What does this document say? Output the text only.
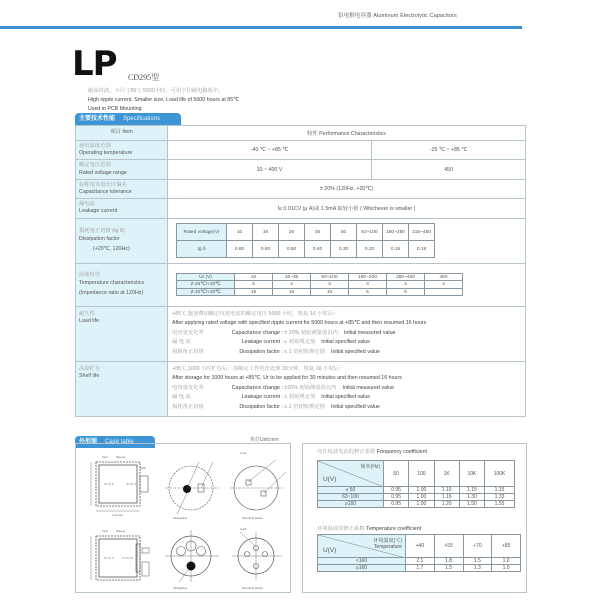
铝电解电容器 Aluminum Electrolytic Capacitors
LP CD295型
耐高纹波，小尺寸85℃ 5000小时，可用于印刷电路板中。
High ripple current, Smaller size, Load life of 5000 hours at 85℃
Used in PCB Mounting
主要技术性能 Specifications
项目 Item	特性 Performance Characteristics

使用温度范围
Operating temperature	-40 ℃ ~ +85 ℃	-25 ℃ ~ +85 ℃

额定电压范围
Rated voltage range	10 ~ 400 V	450

标称电容量允许偏差
Capacitance tolerance	± 20% (120Hz, +20℃)

漏电流
Leakage current	I≤ 0.01CV (μ A)或 1.5mA 取较小值 ( Whichever is smaller )

损耗角正切值 (tg δ)
Dissipation factor
(+20℃, 120Hz)

Rated voltage(V)	10	16	25	35	50	63~100	160~250	315~450
tg δ	0.80	0.60	0.50	0.40	0.30	0.20	0.15	0.18

温度特性
Temperature characteristics
(Impedance ratio at 120Hz)

Ur (V)	10	16~35	50~100	160~200	250~400	450
Z-25℃/+20℃	5	4	3	3	4	4
Z-40℃/+20℃	18	15	10	6	8	

耐久性
Load life	
+85℃ 施加叠加额定纹波电流的额定电压 5000 小时，恢复 16 小时后：
After applying rated voltage with specified ripple current for 5000 hours at +85℃ and then resumed 16 hours
电容量变化率	Capacitance change : ± 20% 初始测量值以内 Initial measured value
漏 电 流	Leakage current : ≤ 初始规定值 Initial specified value
损耗角正切值	Dissipation factor : ≤ 2 倍初始规定值 Initial specified value

高温贮存
Shelf life	
+85℃,1000 小时贮存后，加额定工作电压处理 30分钟，恢复 16 小时后：
After storage for 1000 hours at +85℃, Ur to be applied for 30 minutes and then resumed 16 hours
电容量变化率	Capacitance change : ±20% 初始测量值以内 Initial measured value
漏 电 流	Leakage current : ≤ 初始规定值 Initial specified value
损耗角正切值	Dissipation factor : ≤ 2 倍初始规定值 Initial specified value
外形图 Case table	单位Unit:mm
Vent	Sleeve
L+2max
⊖Negative
2-φ4
Mounting Holes
Vent	Sleeve
⊖Negative
4-φ4
Mounting Holes
允许纹波电流的修正系数 Frequency coefficient
频率(Hz)
U(V)	50	100	1K	10K	100K
≤ 50	0.95	1.00	1.10	1.15	1.15
63~100	0.95	1.00	1.16	1.30	1.33
≥160	0.95	1.00	1.20	1.50	1.55
环境温度的修正系数 Temperature coefficient
环境温度(℃)
Temperature
U(V)	+40	+55	+70	+85
<160	2.1	1.8	1.5	1.0
≥160	1.7	1.5	1.3	1.0
